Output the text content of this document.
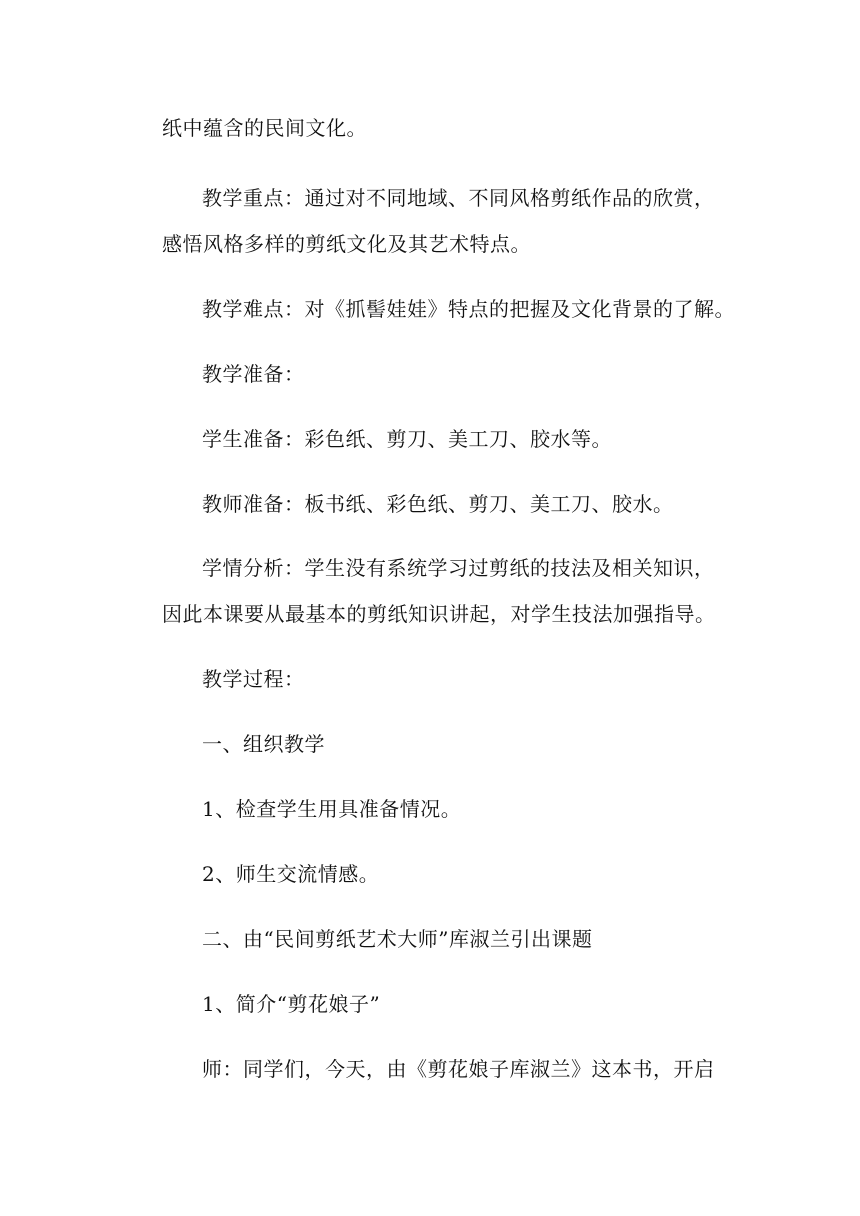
纸中蕴含的民间文化。
教学重点：通过对不同地域、不同风格剪纸作品的欣赏，
感悟风格多样的剪纸文化及其艺术特点。
教学难点：对《抓髻娃娃》特点的把握及文化背景的了解。
教学准备：
学生准备：彩色纸、剪刀、美工刀、胶水等。
教师准备：板书纸、彩色纸、剪刀、美工刀、胶水。
学情分析：学生没有系统学习过剪纸的技法及相关知识，
因此本课要从最基本的剪纸知识讲起，对学生技法加强指导。
教学过程：
一、组织教学
1、检查学生用具准备情况。
2、师生交流情感。
二、由“民间剪纸艺术大师”库淑兰引出课题
1、简介“剪花娘子”
师：同学们，今天，由《剪花娘子库淑兰》这本书，开启
